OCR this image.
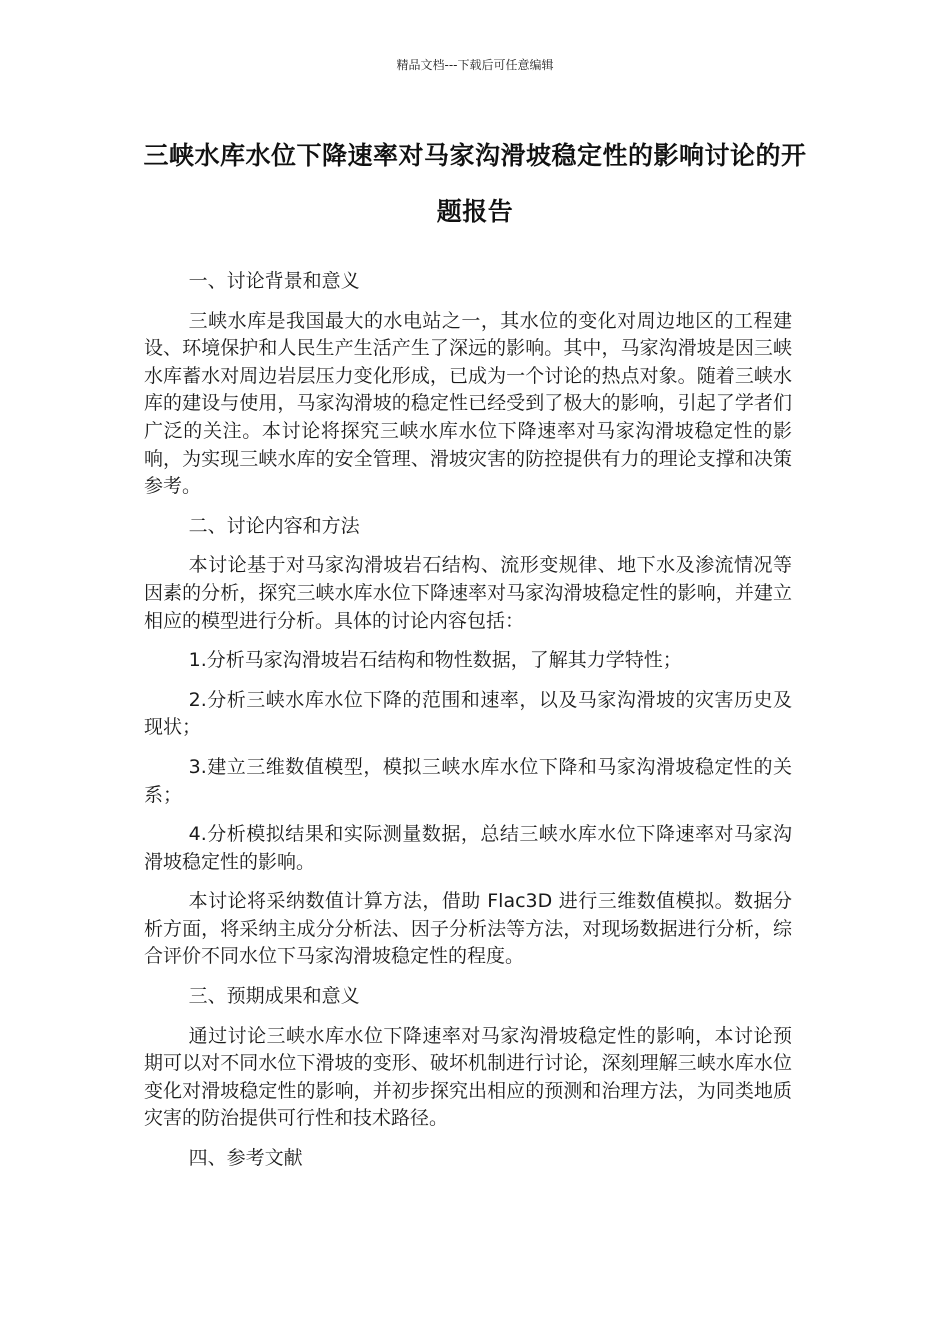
精品文档---下载后可任意编辑
三峡水库水位下降速率对马家沟滑坡稳定性的影响讨论的开题报告

一、讨论背景和意义

三峡水库是我国最大的水电站之一，其水位的变化对周边地区的工程建设、环境保护和人民生产生活产生了深远的影响。其中，马家沟滑坡是因三峡水库蓄水对周边岩层压力变化形成，已成为一个讨论的热点对象。随着三峡水库的建设与使用，马家沟滑坡的稳定性已经受到了极大的影响，引起了学者们广泛的关注。本讨论将探究三峡水库水位下降速率对马家沟滑坡稳定性的影响，为实现三峡水库的安全管理、滑坡灾害的防控提供有力的理论支撑和决策参考。

二、讨论内容和方法

本讨论基于对马家沟滑坡岩石结构、流形变规律、地下水及渗流情况等因素的分析，探究三峡水库水位下降速率对马家沟滑坡稳定性的影响，并建立相应的模型进行分析。具体的讨论内容包括：

1.分析马家沟滑坡岩石结构和物性数据，了解其力学特性；

2.分析三峡水库水位下降的范围和速率，以及马家沟滑坡的灾害历史及现状；

3.建立三维数值模型，模拟三峡水库水位下降和马家沟滑坡稳定性的关系；

4.分析模拟结果和实际测量数据，总结三峡水库水位下降速率对马家沟滑坡稳定性的影响。

本讨论将采纳数值计算方法，借助 Flac3D 进行三维数值模拟。数据分析方面，将采纳主成分分析法、因子分析法等方法，对现场数据进行分析，综合评价不同水位下马家沟滑坡稳定性的程度。

三、预期成果和意义

通过讨论三峡水库水位下降速率对马家沟滑坡稳定性的影响，本讨论预期可以对不同水位下滑坡的变形、破坏机制进行讨论，深刻理解三峡水库水位变化对滑坡稳定性的影响，并初步探究出相应的预测和治理方法，为同类地质灾害的防治提供可行性和技术路径。

四、参考文献
